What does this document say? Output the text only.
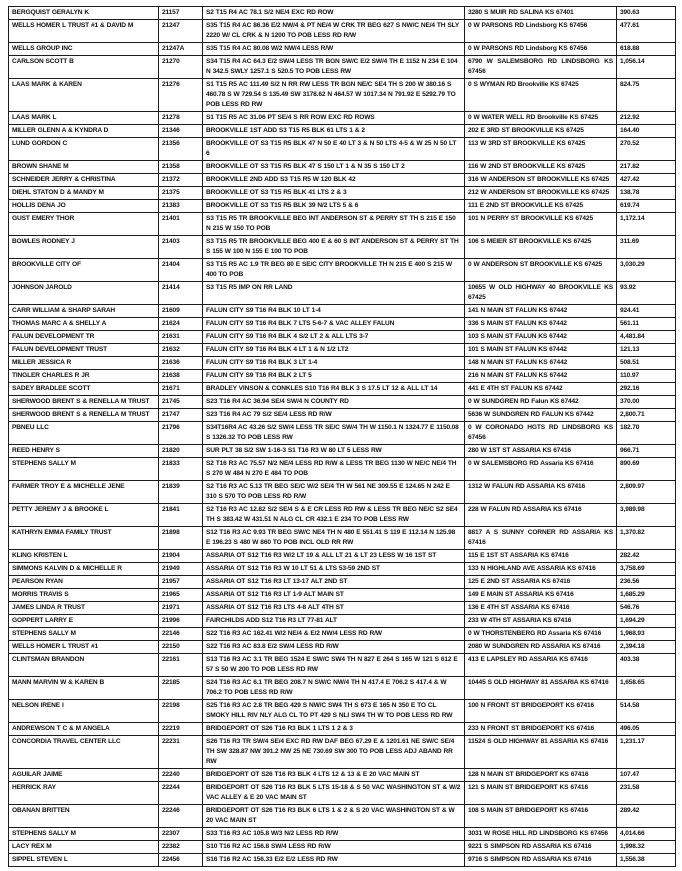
BERGQUIST GERALYN K	21157	S2 T15 R4 AC 78.1 S/2 NE/4 EXC RD ROW	3280 S MUIR RD SALINA KS 67401	390.63
WELLS HOMER L TRUST #1 & DAVID M	21247	S35 T15 R4 AC 86.36 E/2 NW/4 & PT NE/4 W CRK TR BEG 627 S NW/C NE/4 TH SLY 2220 W/ CL CRK & N 1200 TO POB LESS RD R/W	0 W PARSONS RD Lindsborg KS 67456	477.61
WELLS GROUP INC	21247A	S35 T15 R4 AC 80.08 W/2 NW/4 LESS R/W	0 W PARSONS RD Lindsborg KS 67456	618.88
CARLSON SCOTT B	21270	S34 T15 R4 AC 64.3 E/2 SW/4 LESS TR BGN SW/C E/2 SW/4 TH E 1152 N 234 E 104 N 342.5 SWLY 1257.1 S 520.5 TO POB LESS RW	6790 W SALEMSBORG RD LINDSBORG KS 67456	1,056.14
LAAS MARK & KAREN	21276	S1 T15 R5 AC 111.49 S/2 N RR RW LESS TR BGN NE/C SE4 TH S 200 W 380.16 S 460.78 S W 729.54 S 135.49 SW 3178.62 N 464.57 W 1017.34 N 791.92 E 5292.79 TO POB LESS RD RW	0 S WYMAN RD Brookville KS 67425	824.75
LAAS MARK L	21278	S1 T15 R5 AC 31.06 PT SE/4 S RR ROW EXC RD ROWS	0 W WATER WELL RD Brookville KS 67425	212.92
MILLER GLENN A & KYNDRA D	21346	BROOKVILLE 1ST ADD S3 T15 R5 BLK 61 LTS 1 & 2	202 E 3RD ST BROOKVILLE KS 67425	164.40
LUND GORDON C	21356	BROOKVILLE OT S3 T15 R5 BLK 47 N 50 E 40 LT 3 & N 50 LTS 4-5 & W 25 N 50 LT 6	113 W 3RD ST BROOKVILLE KS 67425	270.52
BROWN SHANE M	21358	BROOKVILLE OT S3 T15 R5 BLK 47 S 150 LT 1 & N 35 S 150 LT 2	116 W 2ND ST BROOKVILLE KS 67425	217.82
SCHNEIDER JERRY & CHRISTINA	21372	BROOKVILLE 2ND ADD S3 T15 R5 W 120 BLK 42	316 W ANDERSON ST BROOKVILLE KS 67425	427.42
DIEHL STATON D & MANDY M	21375	BROOKVILLE OT S3 T15 R5 BLK 41 LTS 2 & 3	212 W ANDERSON ST BROOKVILLE KS 67425	138.78
HOLLIS DENA JO	21383	BROOKVILLE OT S3 T15 R5 BLK 39 N/2 LTS 5 & 6	111 E 2ND ST BROOKVILLE KS 67425	619.74
GUST EMERY THOR	21401	S3 T15 R5 TR BROOKVILLE BEG INT ANDERSON ST & PERRY ST TH S 215 E 150 N 215 W 150 TO POB	101 N PERRY ST BROOKVILLE KS 67425	1,172.14
BOWLES RODNEY J	21403	S3 T15 R5 TR BROOKVILLE BEG 400 E & 60 S INT ANDERSON ST & PERRY ST TH S 155 W 100 N 155 E 100 TO POB	106 S MEIER ST BROOKVILLE KS 67425	311.69
BROOKVILLE CITY OF	21404	S3 T15 R5 AC 1.9 TR BEG 80 E SE/C CITY BROOKVILLE TH N 215 E 400 S 215 W 400 TO POB	0 W ANDERSON ST BROOKVILLE KS 67425	3,030.29
JOHNSON JAROLD	21414	S3 T15 R5 IMP ON RR LAND	10655 W OLD HIGHWAY 40 BROOKVILLE KS 67425	93.92
CARR WILLIAM & SHARP SARAH	21609	FALUN CITY S9 T16 R4 BLK 10 LT 1-4	141 N MAIN ST FALUN KS 67442	924.41
THOMAS MARC A & SHELLY A	21624	FALUN CITY S9 T16 R4 BLK 7 LTS 5-6-7 & VAC ALLEY FALUN	336 S MAIN ST FALUN KS 67442	561.11
FALUN DEVELOPMENT TR	21631	FALUN CITY S9 T16 R4 BLK 4 S/2 LT 2 & ALL LTS 3-7	103 S MAIN ST FALUN KS 67442	4,481.84
FALUN DEVELOPMENT TRUST	21632	FALUN CITY S9 T16 R4 BLK 4 LT 1 & N 1/2 LT2	101 S MAIN ST FALUN KS 67442	121.13
MILLER JESSICA R	21636	FALUN CITY S9 T16 R4 BLK 3 LT 1-4	148 N MAIN ST FALUN KS 67442	508.51
TINGLER CHARLES R JR	21638	FALUN CITY S9 T16 R4 BLK 2 LT 5	216 N MAIN ST FALUN KS 67442	110.97
SADEY BRADLEE SCOTT	21671	BRADLEY VINSON & CONKLES S10 T16 R4 BLK 3 S 17.5 LT 12 & ALL LT 14	441 E 4TH ST FALUN KS 67442	292.16
SHERWOOD BRENT S & RENELLA M TRUST	21745	S23 T16 R4 AC 36.94 SE/4 SW/4 N COUNTY RD	0 W SUNDGREN RD Falun KS 67442	370.00
SHERWOOD BRENT S & RENELLA M TRUST	21747	S23 T16 R4 AC 79 S/2 SE/4 LESS RD R/W	5636 W SUNDGREN RD FALUN KS 67442	2,800.71
PBNEU LLC	21796	S34T16R4 AC 43.26 S/2 SW/4 LESS TR SE/C SW/4 TH W 1150.1 N 1324.77 E 1150.08 S 1326.32 TO POB LESS RW	0 W CORONADO HGTS RD LINDSBORG KS 67456	182.70
REED HENRY S	21820	SUR PLT 38 S/2 SW 1-16-3 S1 T16 R3 W 80 LT 5 LESS RW	280 W 1ST ST ASSARIA KS 67416	966.71
STEPHENS SALLY M	21833	S2 T16 R3 AC 75.57 N/2 NE/4 LESS RD R/W & LESS TR BEG 1130 W NE/C NE/4 TH S 270 W 484 N 270 E 484 TO POB	0 W SALEMSBORG RD Assaria KS 67416	890.69
FARMER TROY E & MICHELLE JENE	21839	S2 T16 R3 AC 5.13 TR BEG SE/C W/2 SE/4 TH W 561 NE 309.55 E 124.65 N 242 E 310 S 570 TO POB LESS RD R/W	1312 W FALUN RD ASSARIA KS 67416	2,809.97
PETTY JEREMY J & BROOKE L	21841	S2 T16 R3 AC 12.82 S/2 SE/4 S & E CR LESS RD RW & LESS TR BEG NE/C S2 SE4 TH S 383.42 W 431.51 N ALG CL CR 432.1 E 234 TO POB LESS RW	228 W FALUN RD ASSARIA KS 67416	3,989.98
KATHRYN EMMA FAMILY TRUST	21898	S12 T16 R3 AC 9.93 TR BEG SW/C NE4 TH N 480 E 551.41 S 119 E 112.14 N 125.98 E 196.23 S 480 W 860 TO POB INCL OLD RR RW	8817 A S SUNNY CORNER RD ASSARIA KS 67416	1,370.82
KLING KRISTEN L	21904	ASSARIA OT S12 T16 R3 W/2 LT 19 & ALL LT 21 & LT 23 LESS W 16 1ST ST	115 E 1ST ST ASSARIA KS 67416	282.42
SIMMONS KALVIN D & MICHELLE R	21949	ASSARIA OT S12 T16 R3 W 10 LT 51 & LTS 53-59 2ND ST	133 N HIGHLAND AVE ASSARIA KS 67416	3,758.69
PEARSON RYAN	21957	ASSARIA OT S12 T16 R3 LT 13-17 ALT 2ND ST	125 E 2ND ST ASSARIA KS 67416	236.56
MORRIS TRAVIS S	21965	ASSARIA OT S12 T16 R3 LT 1-9 ALT MAIN ST	149 E MAIN ST ASSARIA KS 67416	1,685.29
JAMES LINDA R TRUST	21971	ASSARIA OT S12 T16 R3 LTS 4-8 ALT 4TH ST	136 E 4TH ST ASSARIA KS 67416	546.76
GOPPERT LARRY E	21996	FAIRCHILDS ADD S12 T16 R3 LT 77-81 ALT	233 W 4TH ST ASSARIA KS 67416	1,694.29
STEPHENS SALLY M	22146	S22 T16 R3 AC 162.41 W/2 NE/4 & E/2 NW/4 LESS RD R/W	0 W THORSTENBERG RD Assaria KS 67416	1,968.93
WELLS HOMER L TRUST #1	22150	S22 T16 R3 AC 83.8 E/2 SW/4 LESS RD R/W	2080 W SUNDGREN RD ASSARIA KS 67416	2,394.18
CLINTSMAN BRANDON	22161	S13 T16 R3 AC 3.1 TR BEG 1524 E SW/C SW4 TH N 827 E 264 S 165 W 121 S 612 E 57 S 50 W 200 TO POB LESS RD RW	413 E LAPSLEY RD ASSARIA KS 67416	403.38
MANN MARVIN W & KAREN B	22185	S24 T16 R3 AC 6.1 TR BEG 208.7 N SW/C NW/4 TH N 417.4 E 706.2 S 417.4 & W 706.2 TO POB LESS RD R/W	10445 S OLD HIGHWAY 81 ASSARIA KS 67416	1,658.65
NELSON IRENE I	22198	S25 T16 R3 AC 2.8 TR BEG 429 S NW/C SW4 TH S 673 E 165 N 350 E TO CL SMOKY HILL RIV NLY ALG CL TO PT 429 S NLI SW4 TH W TO POB LESS RD RW	100 N FRONT ST BRIDGEPORT KS 67416	514.58
ANDREWSON T C & M ANGELA	22219	BRIDGEPORT OT S26 T16 R3 BLK 1 LTS 1 2 & 3	233 N FRONT ST BRIDGEPORT KS 67416	496.05
CONCORDIA TRAVEL CENTER LLC	22231	S26 T16 R3 TR SW/4 SE/4 EXC RD RW DAF BEG 67.29 E & 1201.61 NE SW/C SE/4 TH SW 328.87 NW 391.2 NW 25 NE 730.69 SW 300 TO POB LESS ADJ ABAND RR RW	11524 S OLD HIGHWAY 81 ASSARIA KS 67416	1,231.17
AGUILAR JAIME	22240	BRIDGEPORT OT S26 T16 R3 BLK 4 LTS 12 & 13 & E 20 VAC MAIN ST	128 N MAIN ST BRIDGEPORT KS 67416	107.47
HERRICK RAY	22244	BRIDGEPORT OT S26 T16 R3 BLK 5 LTS 15-18 & S 50 VAC WASHINGTON ST & W/2 VAC ALLEY & E 20 VAC MAIN ST	121 S MAIN ST BRIDGEPORT KS 67416	231.58
OBANAN BRITTEN	22246	BRIDGEPORT OT S26 T16 R3 BLK 6 LTS 1 & 2 & S 20 VAC WASHINGTON ST & W 20 VAC MAIN ST	108 S MAIN ST BRIDGEPORT KS 67416	289.42
STEPHENS SALLY M	22307	S33 T16 R3 AC 105.8 W/3 N/2 LESS RD R/W	3031 W ROSE HILL RD LINDSBORG KS 67456	4,014.66
LACY REX M	22382	S10 T16 R2 AC 156.8 SW/4 LESS RD R/W	9221 S SIMPSON RD ASSARIA KS 67416	1,998.32
SIPPEL STEVEN L	22456	S16 T16 R2 AC 156.33 E/2 E/2 LESS RD RW	9716 S SIMPSON RD ASSARIA KS 67416	1,556.38
